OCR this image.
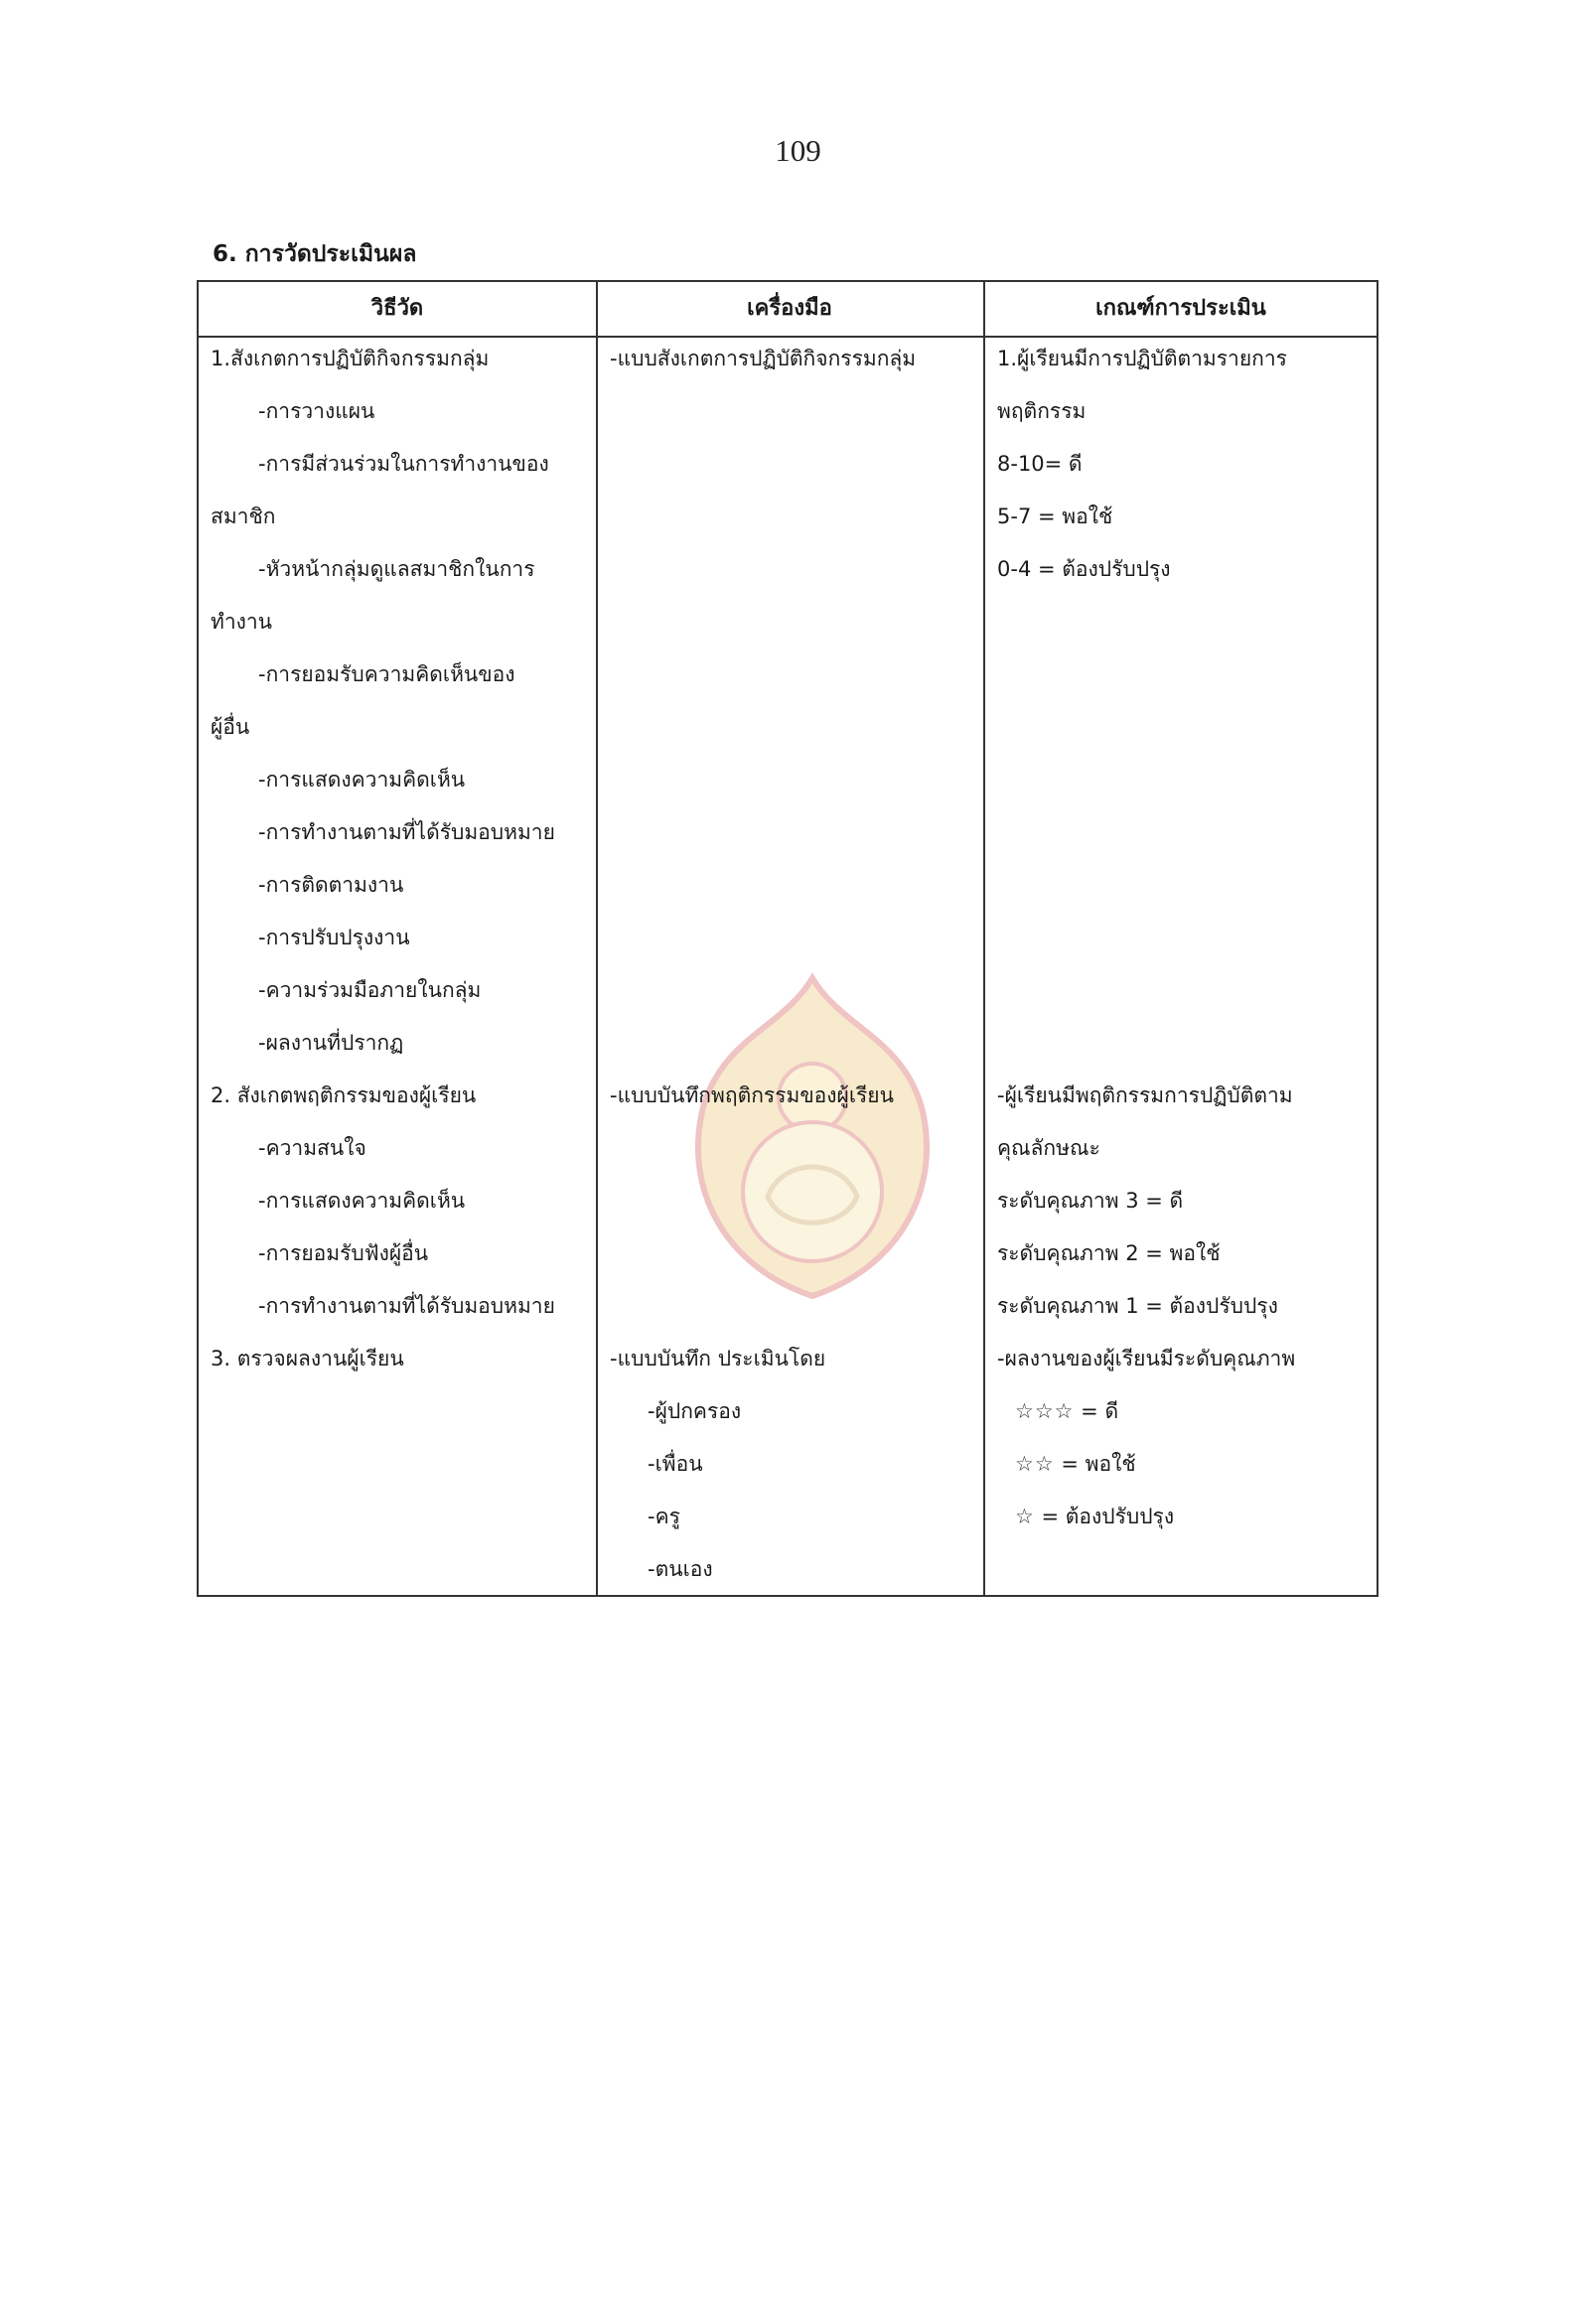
109
6. การวัดประเมินผล
วิธีวัด	เครื่องมือ	เกณฑ์การประเมิน
1.สังเกตการปฏิบัติกิจกรรมกลุ่ม
-การวางแผน
-การมีส่วนร่วมในการทำงานของ
สมาชิก
-หัวหน้ากลุ่มดูแลสมาชิกในการ
ทำงาน
-การยอมรับความคิดเห็นของ
ผู้อื่น
-การแสดงความคิดเห็น
-การทำงานตามที่ได้รับมอบหมาย
-การติดตามงาน
-การปรับปรุงงาน
-ความร่วมมือภายในกลุ่ม
-ผลงานที่ปรากฏ
2. สังเกตพฤติกรรมของผู้เรียน
-ความสนใจ
-การแสดงความคิดเห็น
-การยอมรับฟังผู้อื่น
-การทำงานตามที่ได้รับมอบหมาย
3. ตรวจผลงานผู้เรียน
-แบบสังเกตการปฏิบัติกิจกรรมกลุ่ม
-แบบบันทึกพฤติกรรมของผู้เรียน
-แบบบันทึก ประเมินโดย
-ผู้ปกครอง
-เพื่อน
-ครู
-ตนเอง
1.ผู้เรียนมีการปฏิบัติตามรายการ
พฤติกรรม
8-10= ดี
5-7 = พอใช้
0-4 = ต้องปรับปรุง
-ผู้เรียนมีพฤติกรรมการปฏิบัติตาม
คุณลักษณะ
ระดับคุณภาพ 3 = ดี
ระดับคุณภาพ 2 = พอใช้
ระดับคุณภาพ 1 = ต้องปรับปรุง
-ผลงานของผู้เรียนมีระดับคุณภาพ
☆☆☆ = ดี
☆☆ = พอใช้
☆ = ต้องปรับปรุง
